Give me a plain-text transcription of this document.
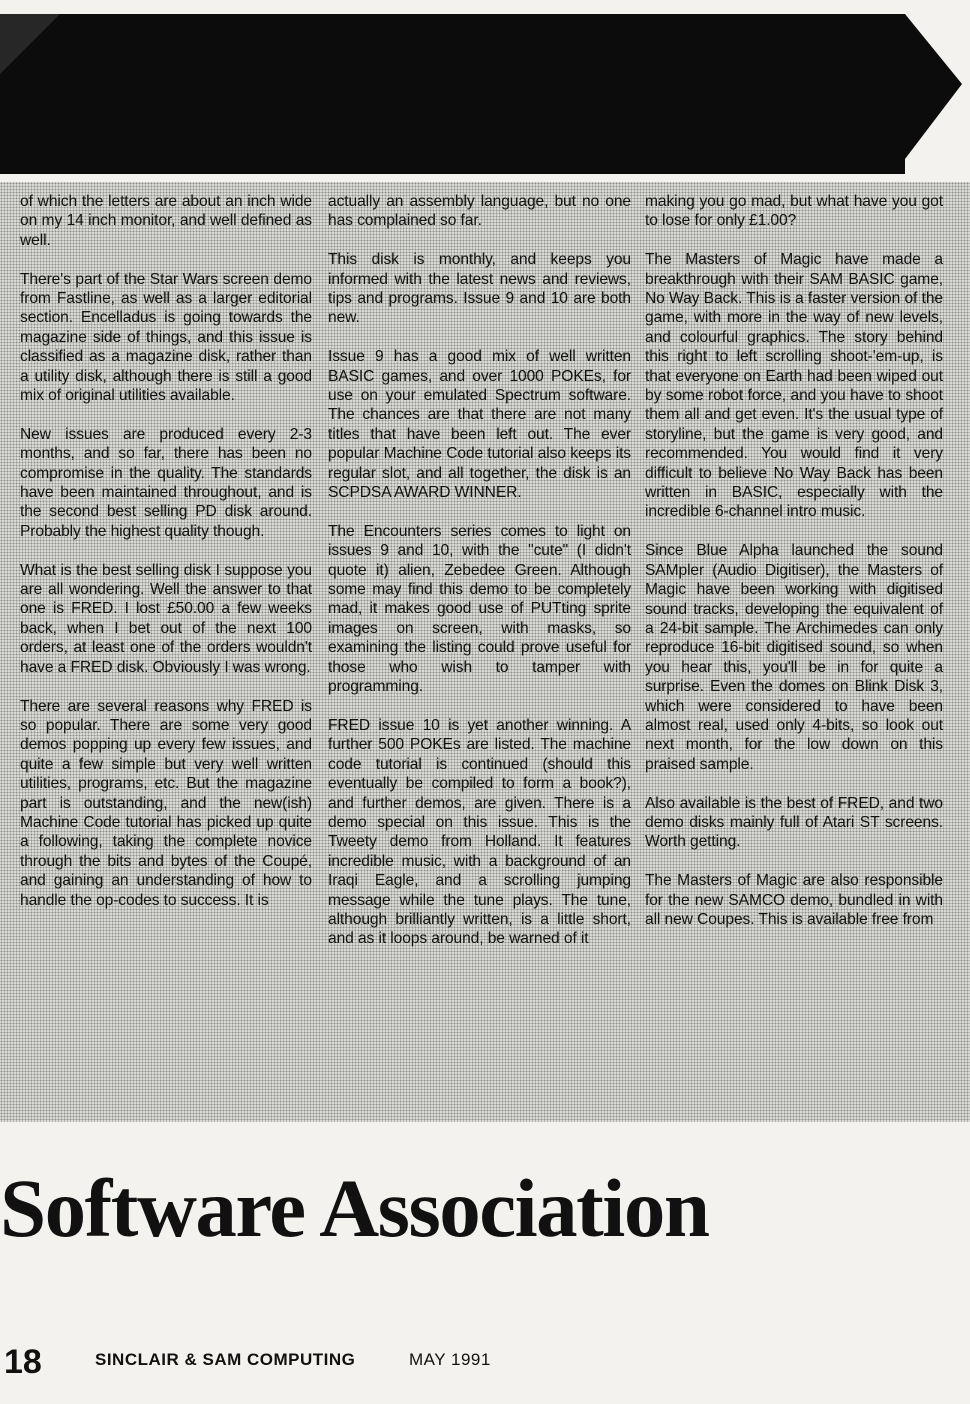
of which the letters are about an inch wide on my 14 inch monitor, and well defined as well.

There's part of the Star Wars screen demo from Fastline, as well as a larger editorial section. Encelladus is going towards the magazine side of things, and this issue is classified as a magazine disk, rather than a utility disk, although there is still a good mix of original utilities available.

New issues are produced every 2-3 months, and so far, there has been no compromise in the quality. The standards have been maintained throughout, and is the second best selling PD disk around. Probably the highest quality though.

What is the best selling disk I suppose you are all wondering. Well the answer to that one is FRED. I lost £50.00 a few weeks back, when I bet out of the next 100 orders, at least one of the orders wouldn't have a FRED disk. Obviously I was wrong.

There are several reasons why FRED is so popular. There are some very good demos popping up every few issues, and quite a few simple but very well written utilities, programs, etc. But the magazine part is outstanding, and the new(ish) Machine Code tutorial has picked up quite a following, taking the complete novice through the bits and bytes of the Coupé, and gaining an understanding of how to handle the op-codes to success. It is

actually an assembly language, but no one has complained so far.

This disk is monthly, and keeps you informed with the latest news and reviews, tips and programs. Issue 9 and 10 are both new.

Issue 9 has a good mix of well written BASIC games, and over 1000 POKEs, for use on your emulated Spectrum software. The chances are that there are not many titles that have been left out. The ever popular Machine Code tutorial also keeps its regular slot, and all together, the disk is an SCPDSA AWARD WINNER.

The Encounters series comes to light on issues 9 and 10, with the "cute" (I didn't quote it) alien, Zebedee Green. Although some may find this demo to be completely mad, it makes good use of PUTting sprite images on screen, with masks, so examining the listing could prove useful for those who wish to tamper with programming.

FRED issue 10 is yet another winning. A further 500 POKEs are listed. The machine code tutorial is continued (should this eventually be compiled to form a book?), and further demos, are given. There is a demo special on this issue. This is the Tweety demo from Holland. It features incredible music, with a background of an Iraqi Eagle, and a scrolling jumping message while the tune plays. The tune, although brilliantly written, is a little short, and as it loops around, be warned of it

making you go mad, but what have you got to lose for only £1.00?

The Masters of Magic have made a breakthrough with their SAM BASIC game, No Way Back. This is a faster version of the game, with more in the way of new levels, and colourful graphics. The story behind this right to left scrolling shoot-'em-up, is that everyone on Earth had been wiped out by some robot force, and you have to shoot them all and get even. It's the usual type of storyline, but the game is very good, and recommended. You would find it very difficult to believe No Way Back has been written in BASIC, especially with the incredible 6-channel intro music.

Since Blue Alpha launched the sound SAMpler (Audio Digitiser), the Masters of Magic have been working with digitised sound tracks, developing the equivalent of a 24-bit sample. The Archimedes can only reproduce 16-bit digitised sound, so when you hear this, you'll be in for quite a surprise. Even the domes on Blink Disk 3, which were considered to have been almost real, used only 4-bits, so look out next month, for the low down on this praised sample.

Also available is the best of FRED, and two demo disks mainly full of Atari ST screens. Worth getting.

The Masters of Magic are also responsible for the new SAMCO demo, bundled in with all new Coupes. This is available free from

Software Association
18	SINCLAIR & SAM COMPUTING	MAY 1991
